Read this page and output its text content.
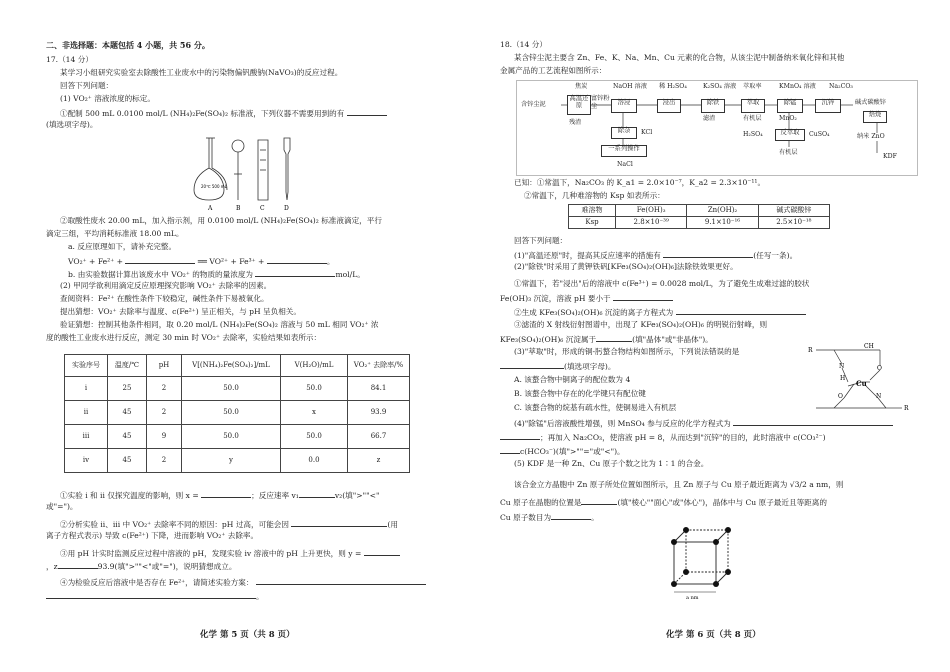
二、非选择题：本题包括 4 小题，共 56 分。
17.（14 分）
某学习小组研究实验室去除酸性工业废水中的污染物偏钒酸钠(NaVO₃)的反应过程。
回答下列问题：
(1) VO₂⁺ 溶液浓度的标定。
①配制 500 mL 0.0100 mol/L (NH₄)₂Fe(SO₄)₂ 标准液，下列仪器不需要用到的有
(填选项字母)。
20℃ 500 mL
A	B	C	D
②取酸性废水 20.00 mL，加入指示剂，用 0.0100 mol/L (NH₄)₂Fe(SO₄)₂ 标准液滴定，平行
滴定三组，平均消耗标准液 18.00 mL。
a. 反应原理如下，请补充完整。
VO₂⁺ + Fe²⁺ +	══ VO²⁺ + Fe³⁺ +	。
b. 由实验数据计算出该废水中 VO₂⁺ 的物质的量浓度为	mol/L。
(2) 甲同学欲利用滴定反应原理探究影响 VO₂⁺ 去除率的因素。
查阅资料：Fe²⁺ 在酸性条件下较稳定，碱性条件下易被氧化。
提出猜想：VO₂⁺ 去除率与温度、c(Fe²⁺) 呈正相关，与 pH 呈负相关。
验证猜想：控制其他条件相同，取 0.20 mol/L (NH₄)₂Fe(SO₄)₂ 溶液与 50 mL 相同 VO₂⁺ 浓
度的酸性工业废水进行反应，测定 30 min 时 VO₂⁺ 去除率，实验结果如表所示：
实验序号	温度/℃	pH	V[(NH₄)₂Fe(SO₄)₂]/mL	V(H₂O)/mL	VO₂⁺ 去除率/%
i	25	2	50.0	50.0	84.1
ii	45	2	50.0	x	93.9
iii	45	9	50.0	50.0	66.7
iv	45	2	y	0.0	z
①实验 i 和 ii 仅探究温度的影响，则 x =	；反应速率 v₁	v₂(填">""<"
或"=")。
②分析实验 ii、iii 中 VO₂⁺ 去除率不同的原因：pH 过高，可能会因	(用
离子方程式表示) 导致 c(Fe²⁺) 下降，进而影响 VO₂⁺ 去除率。
③用 pH 计实时监测反应过程中溶液的 pH，发现实验 iv 溶液中的 pH 上升更快，则 y =
，z	93.9(填">""<"或"=")，说明猜想成立。
④为检验反应后溶液中是否存在 Fe²⁺，请简述实验方案：
。
化学 第 5 页（共 8 页）
18.（14 分）
某含锌尘泥主要含 Zn、Fe、K、Na、Mn、Cu 元素的化合物，从该尘泥中制备纳米氧化锌和其他
金属产品的工艺流程如图所示：
焦炭	NaOH 溶液 稀 H₂SO₄	K₂SO₄ 溶液 萃取率	KMnO₄ 溶液 Na₂CO₃
含锌尘泥
高温还原
富锌粉尘
溶浸	浸出	除铁	萃取	除锰	沉锌	碱式碳酸锌
焙烧
除杂
一系列操作
反萃取
纳米 ZnO
残渣
KCl
NaCl
滤渣	有机层	MnO₂
H₂SO₄	CuSO₄
有机层
KDF
已知：①常温下，Na₂CO₃ 的 K_a1 = 2.0×10⁻⁷，K_a2 = 2.3×10⁻¹¹。
②常温下，几种难溶物的 Ksp 如表所示：
难溶物	Fe(OH)₃	Zn(OH)₂	碱式碳酸锌
Ksp	2.8×10⁻³⁹	9.1×10⁻¹⁶	2.5×10⁻¹⁸
回答下列问题：
(1)"高温还原"时，提高其反应速率的措施有	(任写一条)。
(2)"除铁"时采用了黄钾铁矾[KFe₃(SO₄)₂(OH)₆]法除铁效果更好。
①常温下，若"浸出"后的溶液中 c(Fe³⁺) = 0.0028 mol/L，为了避免生成难过滤的胶状
Fe(OH)₃ 沉淀，溶液 pH 要小于
②生成 KFe₃(SO₄)₂(OH)₆ 沉淀的离子方程式为
③滤渣的 X 射线衍射图谱中，出现了 KFe₃(SO₄)₂(OH)₆ 的明锐衍射峰，则
KFe₃(SO₄)₂(OH)₆ 沉淀属于	(填"晶体"或"非晶体")。
(3)"萃取"时，形成的铜-肟螯合物结构如图所示，下列说法错误的是
(填选项字母)。
A. 该螯合物中铜离子的配位数为 4
B. 该螯合物中存在的化学键只有配位键
C. 该螯合物的烷基有疏水性，使铜易进入有机层
R
CH
N	O
Cu
H
O	N
R
(4)"除锰"后溶液酸性增强，则 MnSO₄ 参与反应的化学方程式为
；再加入 Na₂CO₃，使溶液 pH = 8，从而达到"沉锌"的目的，此时溶液中 c(CO₃²⁻)
c(HCO₃⁻)(填">""="或"<")。
(5) KDF 是一种 Zn、Cu 原子个数之比为 1∶1 的合金。
该合金立方晶胞中 Zn 原子所处位置如图所示，且 Zn 原子与 Cu 原子最近距离为 √3/2 a nm，则
Cu 原子在晶胞的位置是	(填"棱心""面心"或"体心")，晶体中与 Cu 原子最近且等距离的
Cu 原子数目为	。
a nm
化学 第 6 页（共 8 页）
